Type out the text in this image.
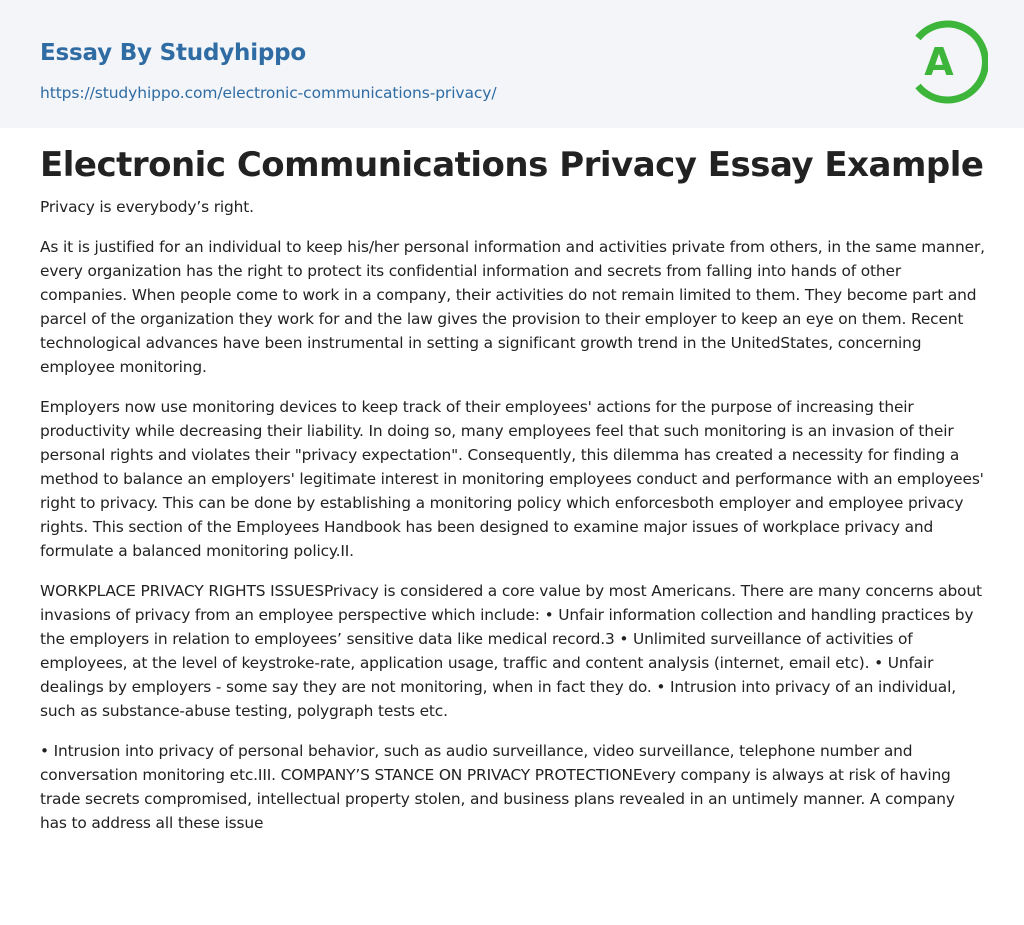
Essay By Studyhippo
https://studyhippo.com/electronic-communications-privacy/
A
Electronic Communications Privacy Essay Example

Privacy is everybody’s right.

As it is justified for an individual to keep his/her personal information and activities private from others, in the same manner, every organization has the right to protect its confidential information and secrets from falling into hands of other companies. When people come to work in a company, their activities do not remain limited to them. They become part and parcel of the organization they work for and the law gives the provision to their employer to keep an eye on them. Recent technological advances have been instrumental in setting a significant growth trend in the UnitedStates, concerning employee monitoring.

Employers now use monitoring devices to keep track of their employees' actions for the purpose of increasing their productivity while decreasing their liability. In doing so, many employees feel that such monitoring is an invasion of their personal rights and violates their "privacy expectation". Consequently, this dilemma has created a necessity for finding a method to balance an employers' legitimate interest in monitoring employees conduct and performance with an employees' right to privacy. This can be done by establishing a monitoring policy which enforcesboth employer and employee privacy rights. This section of the Employees Handbook has been designed to examine major issues of workplace privacy and formulate a balanced monitoring policy.II.

WORKPLACE PRIVACY RIGHTS ISSUESPrivacy is considered a core value by most Americans. There are many concerns about invasions of privacy from an employee perspective which include: • Unfair information collection and handling practices by the employers in relation to employees’ sensitive data like medical record.3 • Unlimited surveillance of activities of employees, at the level of keystroke-rate, application usage, traffic and content analysis (internet, email etc). • Unfair dealings by employers - some say they are not monitoring, when in fact they do. • Intrusion into privacy of an individual, such as substance-abuse testing, polygraph tests etc.

• Intrusion into privacy of personal behavior, such as audio surveillance, video surveillance, telephone number and conversation monitoring etc.III. COMPANY’S STANCE ON PRIVACY PROTECTIONEvery company is always at risk of having trade secrets compromised, intellectual property stolen, and business plans revealed in an untimely manner. A company has to address all these issue
